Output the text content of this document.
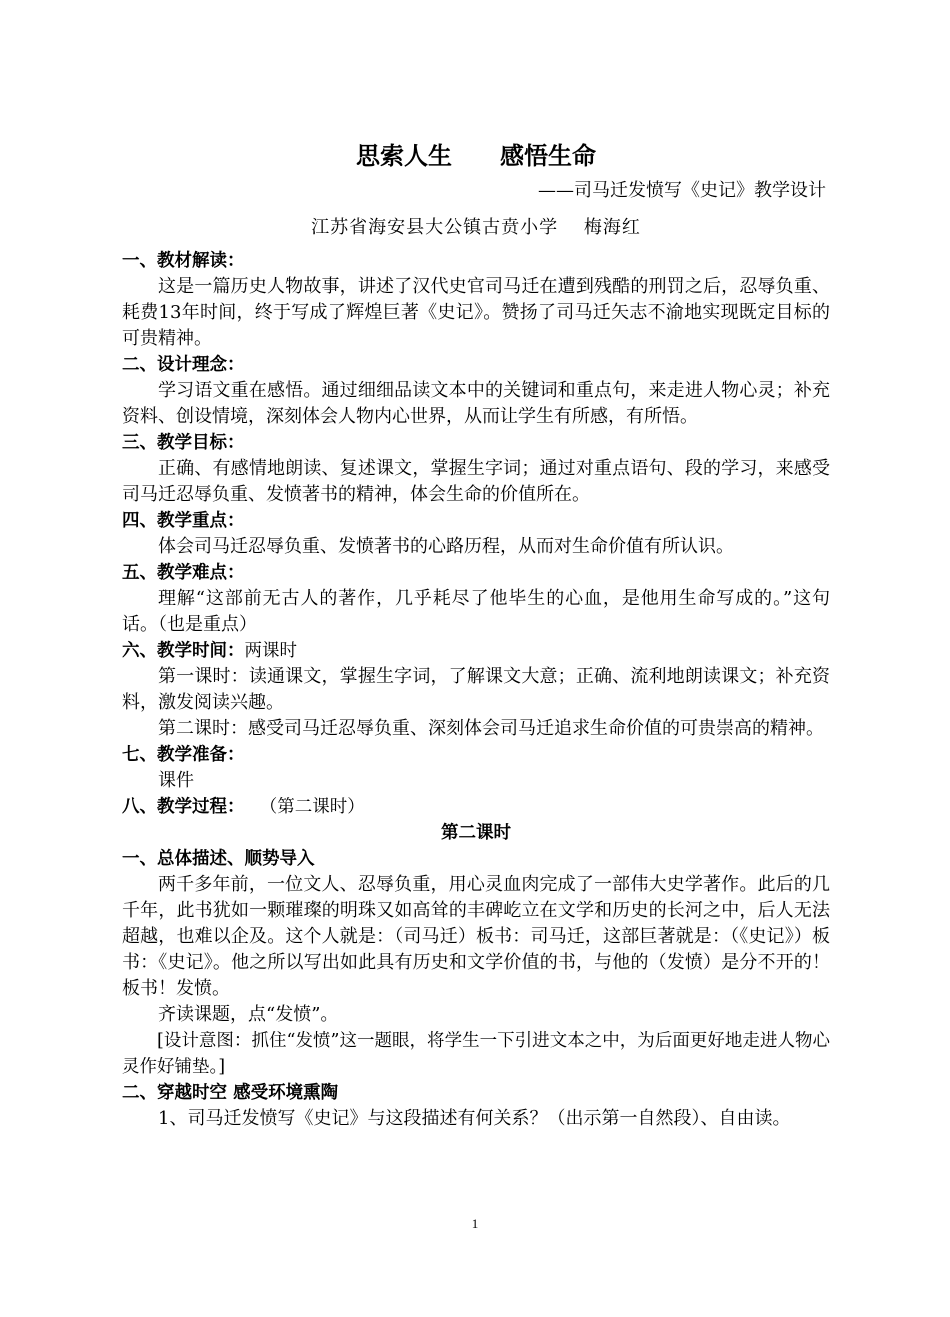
思索人生　　感悟生命
——司马迁发愤写《史记》教学设计
江苏省海安县大公镇古贲小学　 梅海红
一、教材解读：

这是一篇历史人物故事，讲述了汉代史官司马迁在遭到残酷的刑罚之后，忍辱负重、耗费13年时间，终于写成了辉煌巨著《史记》。赞扬了司马迁矢志不渝地实现既定目标的可贵精神。

二、设计理念：

学习语文重在感悟。通过细细品读文本中的关键词和重点句，来走进人物心灵；补充资料、创设情境，深刻体会人物内心世界，从而让学生有所感，有所悟。

三、教学目标：

正确、有感情地朗读、复述课文，掌握生字词；通过对重点语句、段的学习，来感受司马迁忍辱负重、发愤著书的精神，体会生命的价值所在。

四、教学重点：

体会司马迁忍辱负重、发愤著书的心路历程，从而对生命价值有所认识。

五、教学难点：

理解“这部前无古人的著作，几乎耗尽了他毕生的心血，是他用生命写成的。”这句话。（也是重点）

六、教学时间：两课时

第一课时：读通课文，掌握生字词，了解课文大意；正确、流利地朗读课文；补充资料，激发阅读兴趣。

第二课时：感受司马迁忍辱负重、深刻体会司马迁追求生命价值的可贵崇高的精神。

七、教学准备：

课件

八、教学过程： （第二课时）
第二课时
一、总体描述、顺势导入

两千多年前，一位文人、忍辱负重，用心灵血肉完成了一部伟大史学著作。此后的几千年，此书犹如一颗璀璨的明珠又如高耸的丰碑屹立在文学和历史的长河之中，后人无法超越，也难以企及。这个人就是：（司马迁）板书：司马迁，这部巨著就是：（《史记》）板书：《史记》。他之所以写出如此具有历史和文学价值的书，与他的（发愤）是分不开的！板书！发愤。

齐读课题，点“发愤”。

[设计意图：抓住“发愤”这一题眼，将学生一下引进文本之中，为后面更好地走进人物心灵作好铺垫。]

二、穿越时空 感受环境熏陶

1、司马迁发愤写《史记》与这段描述有何关系？（出示第一自然段）、自由读。

1
